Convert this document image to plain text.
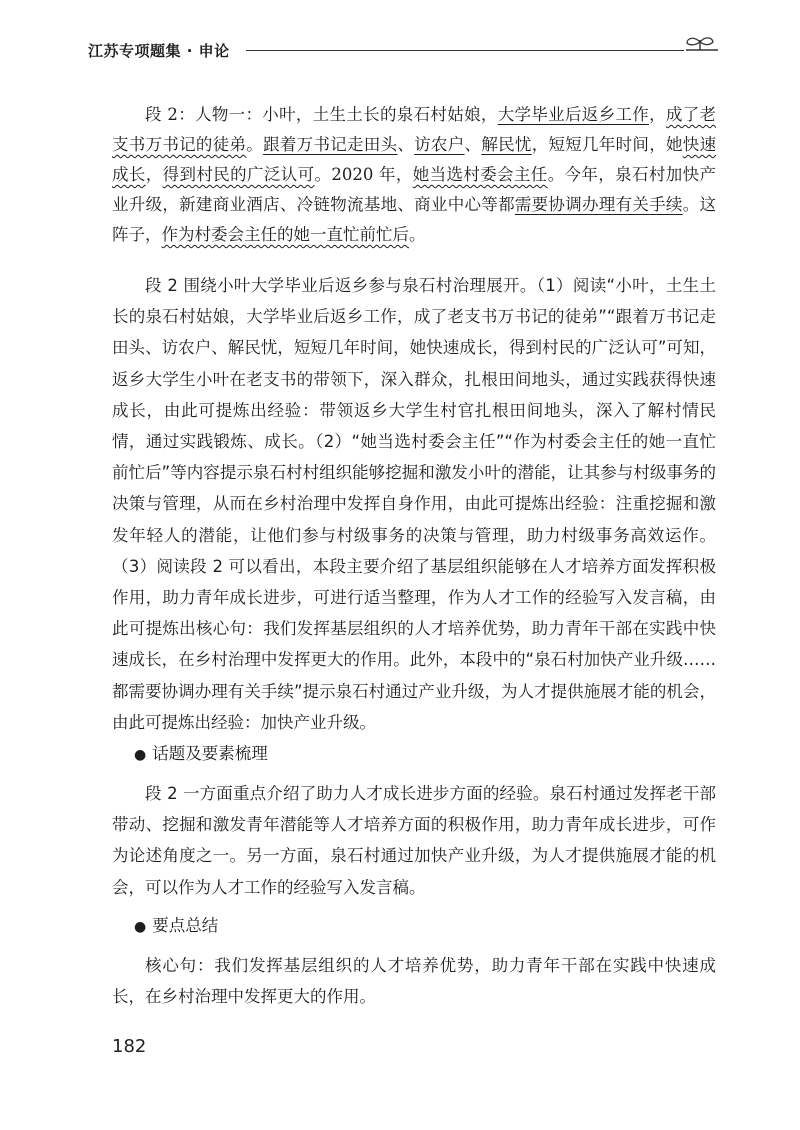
江苏专项题集 · 申论

段 2：人物一：小叶，土生土长的泉石村姑娘，大学毕业后返乡工作，成了老支书万书记的徒弟。跟着万书记走田头、访农户、解民忧，短短几年时间，她快速成长，得到村民的广泛认可。2020 年，她当选村委会主任。今年，泉石村加快产业升级，新建商业酒店、冷链物流基地、商业中心等都需要协调办理有关手续。这阵子，作为村委会主任的她一直忙前忙后。

段 2 围绕小叶大学毕业后返乡参与泉石村治理展开。（1）阅读“小叶，土生土长的泉石村姑娘，大学毕业后返乡工作，成了老支书万书记的徒弟”“跟着万书记走田头、访农户、解民忧，短短几年时间，她快速成长，得到村民的广泛认可”可知，返乡大学生小叶在老支书的带领下，深入群众，扎根田间地头，通过实践获得快速成长，由此可提炼出经验：带领返乡大学生村官扎根田间地头，深入了解村情民情，通过实践锻炼、成长。（2）“她当选村委会主任”“作为村委会主任的她一直忙前忙后”等内容提示泉石村村组织能够挖掘和激发小叶的潜能，让其参与村级事务的决策与管理，从而在乡村治理中发挥自身作用，由此可提炼出经验：注重挖掘和激发年轻人的潜能，让他们参与村级事务的决策与管理，助力村级事务高效运作。（3）阅读段 2 可以看出，本段主要介绍了基层组织能够在人才培养方面发挥积极作用，助力青年成长进步，可进行适当整理，作为人才工作的经验写入发言稿，由此可提炼出核心句：我们发挥基层组织的人才培养优势，助力青年干部在实践中快速成长，在乡村治理中发挥更大的作用。此外，本段中的“泉石村加快产业升级……都需要协调办理有关手续”提示泉石村通过产业升级，为人才提供施展才能的机会，由此可提炼出经验：加快产业升级。

● 话题及要素梳理

段 2 一方面重点介绍了助力人才成长进步方面的经验。泉石村通过发挥老干部带动、挖掘和激发青年潜能等人才培养方面的积极作用，助力青年成长进步，可作为论述角度之一。另一方面，泉石村通过加快产业升级，为人才提供施展才能的机会，可以作为人才工作的经验写入发言稿。

● 要点总结

核心句：我们发挥基层组织的人才培养优势，助力青年干部在实践中快速成长，在乡村治理中发挥更大的作用。

182
